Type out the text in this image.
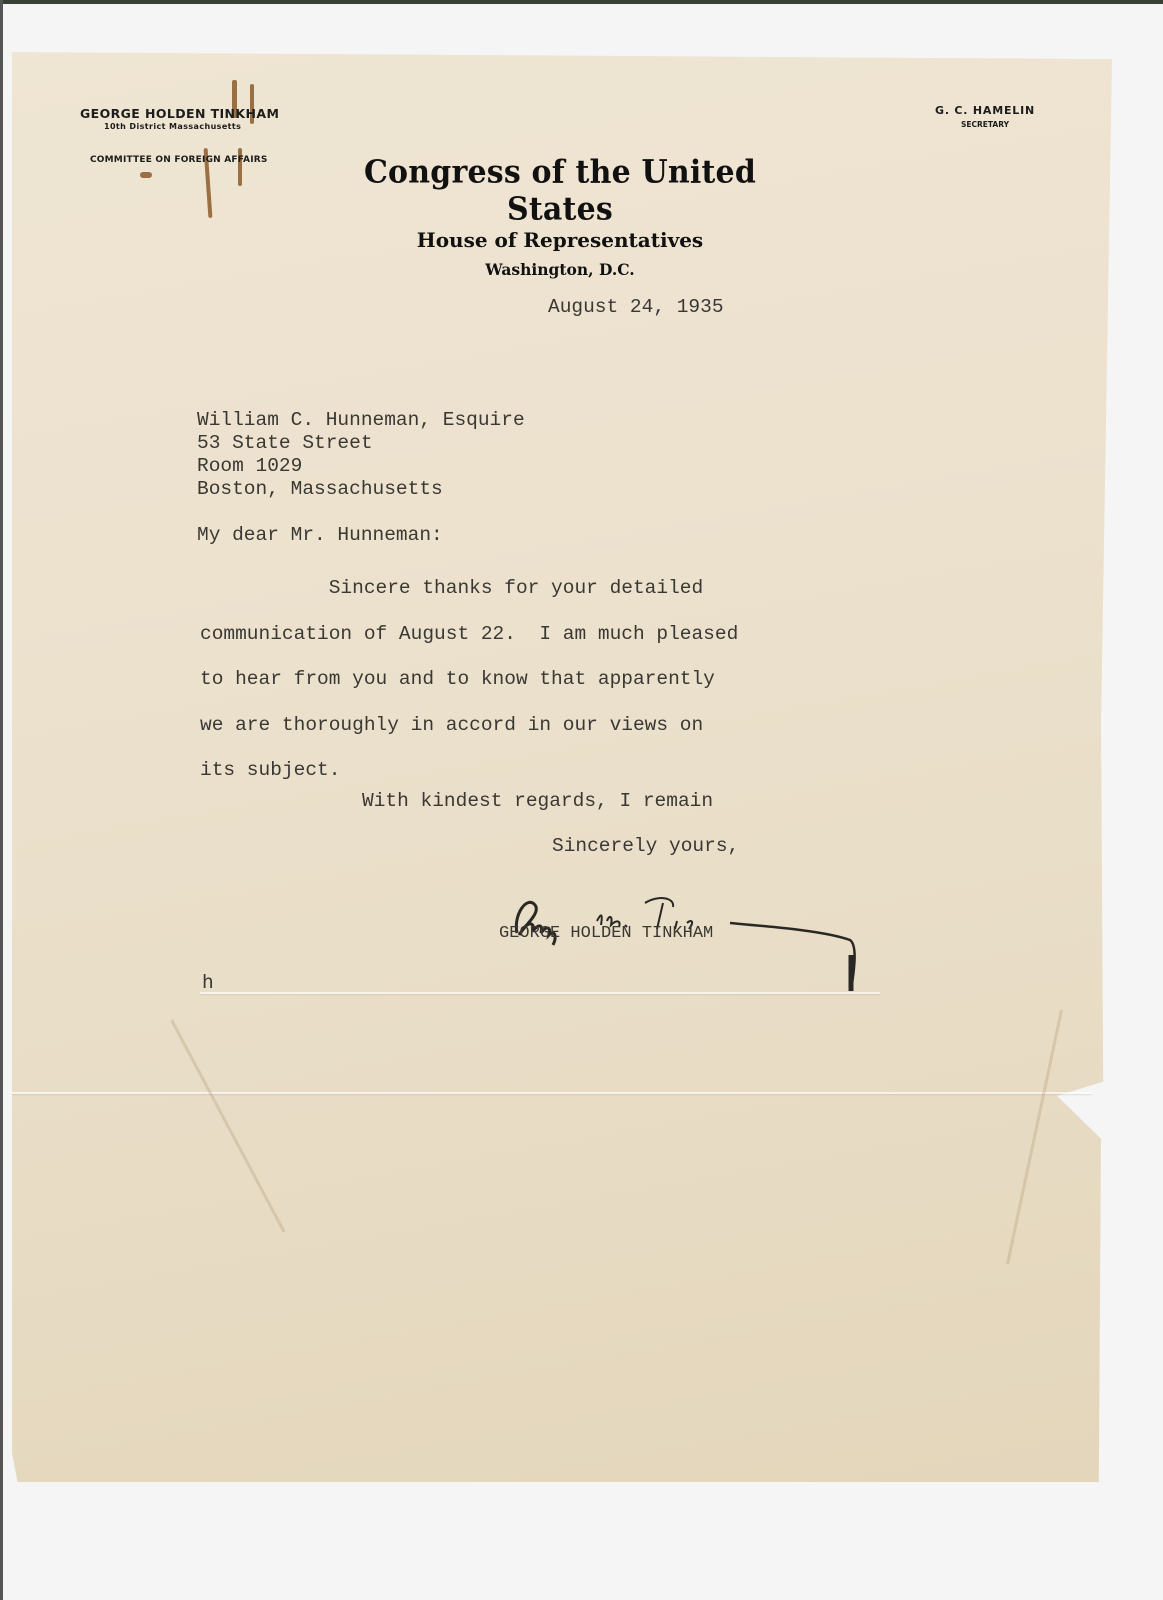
GEORGE HOLDEN TINKHAM
10th District Massachusetts
COMMITTEE ON FOREIGN AFFAIRS
G. C. HAMELIN
SECRETARY
Congress of the United States
House of Representatives
Washington, D.C.
August 24, 1935
William C. Hunneman, Esquire
53 State Street
Room 1029
Boston, Massachusetts
My dear Mr. Hunneman:
Sincere thanks for your detailed
communication of August 22.  I am much pleased
to hear from you and to know that apparently
we are thoroughly in accord in our views on
its subject.
With kindest regards, I remain
Sincerely yours,
GEORGE HOLDEN TINKHAM
h
